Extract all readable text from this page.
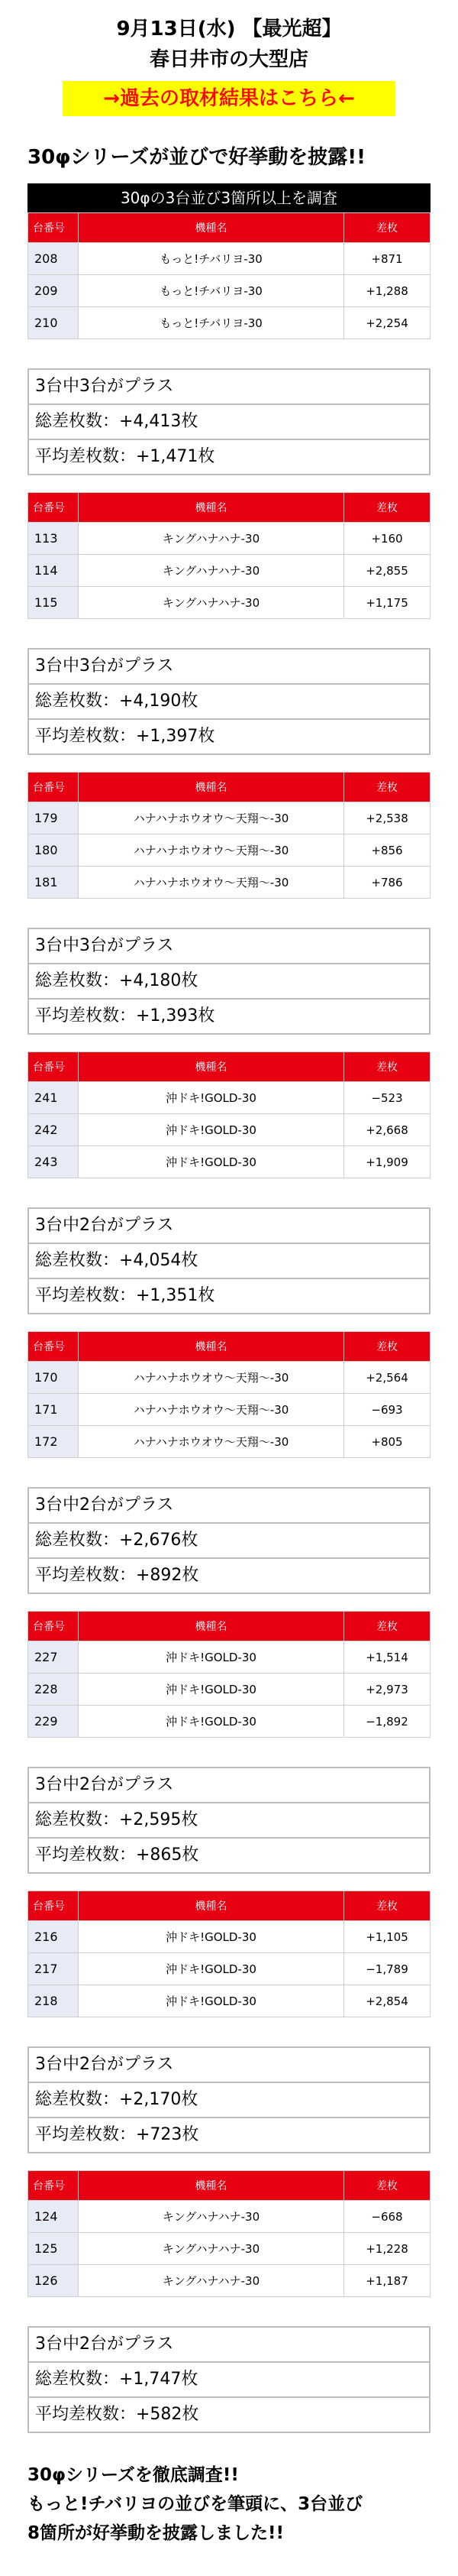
9月13日(水) 【最光超】
春日井市の大型店
→過去の取材結果はこちら←
30φシリーズが並びで好挙動を披露!!
30φの3台並び3箇所以上を調査
台番号	機種名	差枚
208	もっと!チバリヨ-30	+871
209	もっと!チバリヨ-30	+1,288
210	もっと!チバリヨ-30	+2,254
3台中3台がプラス
総差枚数：+4,413枚
平均差枚数：+1,471枚
台番号	機種名	差枚
113	キングハナハナ-30	+160
114	キングハナハナ-30	+2,855
115	キングハナハナ-30	+1,175
3台中3台がプラス
総差枚数：+4,190枚
平均差枚数：+1,397枚
台番号	機種名	差枚
179	ハナハナホウオウ～天翔～-30	+2,538
180	ハナハナホウオウ～天翔～-30	+856
181	ハナハナホウオウ～天翔～-30	+786
3台中3台がプラス
総差枚数：+4,180枚
平均差枚数：+1,393枚
台番号	機種名	差枚
241	沖ドキ!GOLD-30	−523
242	沖ドキ!GOLD-30	+2,668
243	沖ドキ!GOLD-30	+1,909
3台中2台がプラス
総差枚数：+4,054枚
平均差枚数：+1,351枚
台番号	機種名	差枚
170	ハナハナホウオウ～天翔～-30	+2,564
171	ハナハナホウオウ～天翔～-30	−693
172	ハナハナホウオウ～天翔～-30	+805
3台中2台がプラス
総差枚数：+2,676枚
平均差枚数：+892枚
台番号	機種名	差枚
227	沖ドキ!GOLD-30	+1,514
228	沖ドキ!GOLD-30	+2,973
229	沖ドキ!GOLD-30	−1,892
3台中2台がプラス
総差枚数：+2,595枚
平均差枚数：+865枚
台番号	機種名	差枚
216	沖ドキ!GOLD-30	+1,105
217	沖ドキ!GOLD-30	−1,789
218	沖ドキ!GOLD-30	+2,854
3台中2台がプラス
総差枚数：+2,170枚
平均差枚数：+723枚
台番号	機種名	差枚
124	キングハナハナ-30	−668
125	キングハナハナ-30	+1,228
126	キングハナハナ-30	+1,187
3台中2台がプラス
総差枚数：+1,747枚
平均差枚数：+582枚
30φシリーズを徹底調査!!
もっと!チバリヨの並びを筆頭に、3台並び
8箇所が好挙動を披露しました!!
